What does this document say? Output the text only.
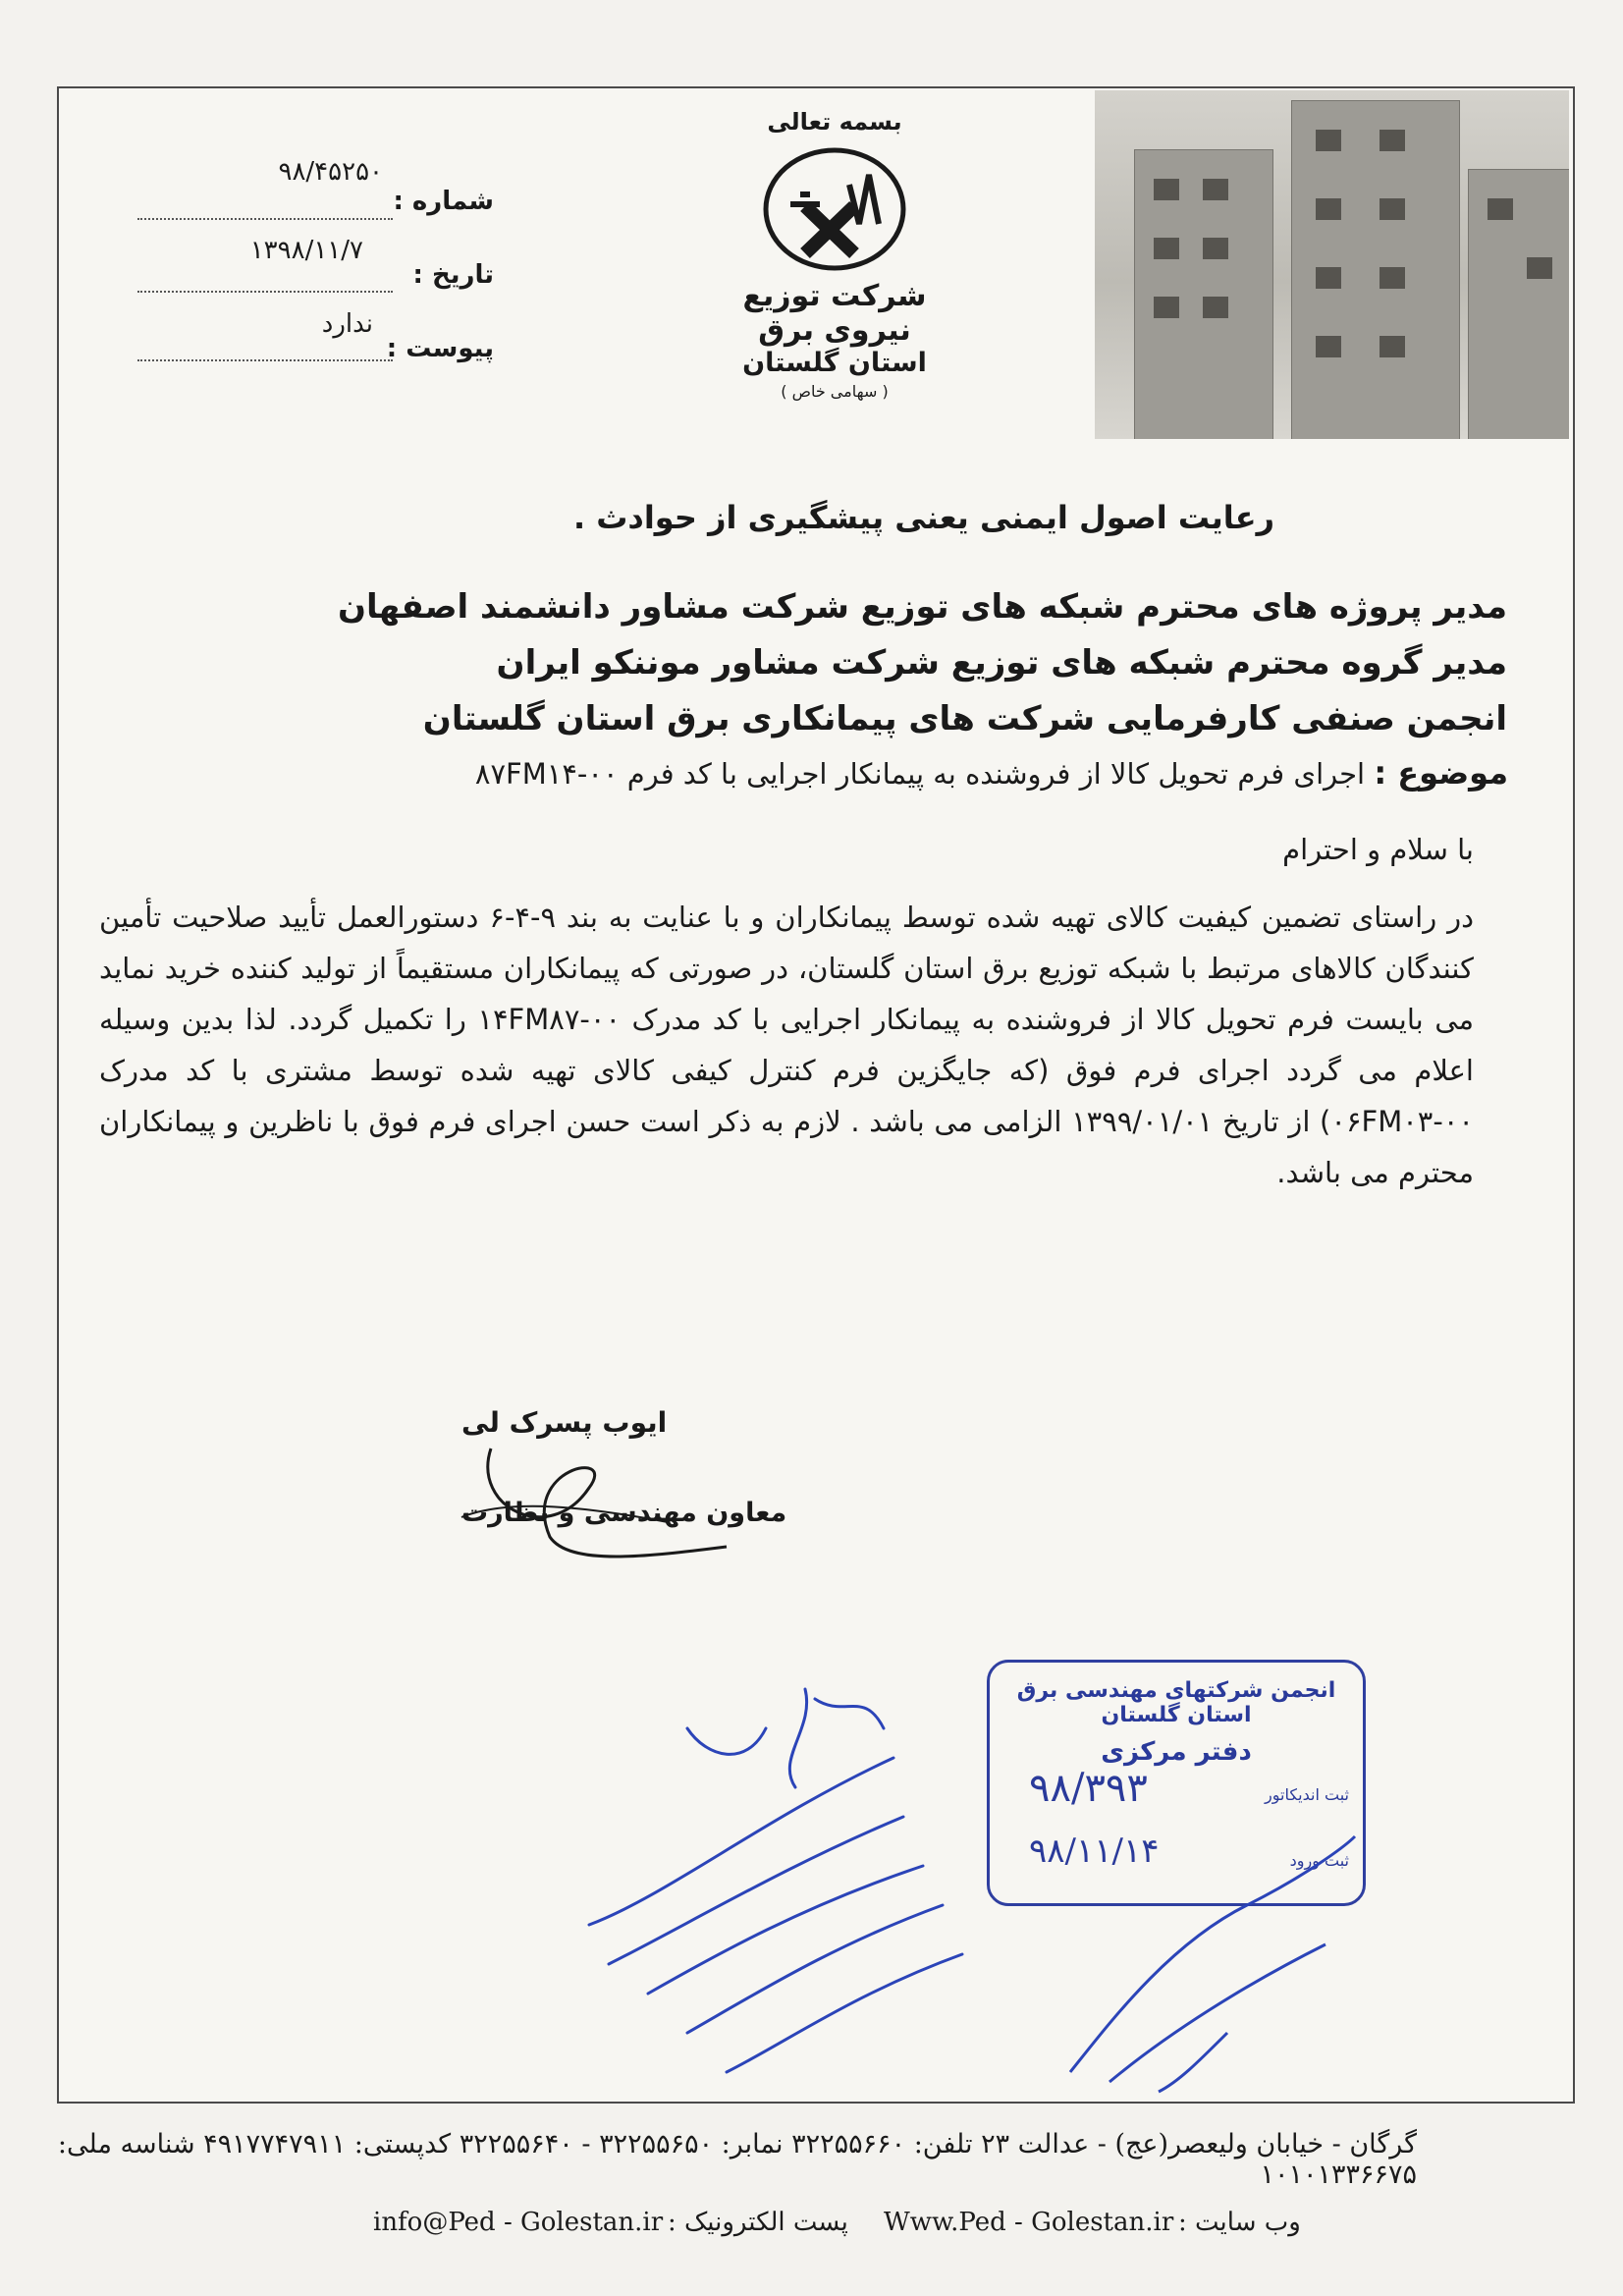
۹۸/۴۵۲۵۰
شماره :
۱۳۹۸/۱۱/۷
تاریخ :
ندارد
پیوست :
بسمه تعالی
شرکت توزیع نیروی برق
استان گلستان
( سهامی خاص )
رعایت اصول ایمنی یعنی پیشگیری از حوادث .
مدیر پروژه های محترم شبکه های توزیع شرکت مشاور دانشمند اصفهان
مدیر گروه محترم شبکه های توزیع شرکت مشاور موننکو ایران
انجمن صنفی کارفرمایی شرکت های پیمانکاری برق استان گلستان
موضوع : اجرای فرم تحویل کالا از فروشنده به پیمانکار اجرایی با کد فرم ۰۰-۸۷FM۱۴
با سلام و احترام
در راستای تضمین کیفیت کالای تهیه شده توسط پیمانکاران و با عنایت به بند ۹-۴-۶ دستورالعمل تأیید صلاحیت تأمین کنندگان کالاهای مرتبط با شبکه توزیع برق استان گلستان، در صورتی که پیمانکاران مستقیماً از تولید کننده خرید نماید می بایست فرم تحویل کالا از فروشنده به پیمانکار اجرایی با کد مدرک ۰۰-۱۴FM۸۷ را تکمیل گردد. لذا بدین وسیله اعلام می گردد اجرای فرم فوق (که جایگزین فرم کنترل کیفی کالای تهیه شده توسط مشتری با کد مدرک ۰۰-۰۶FM۰۳) از تاریخ ۱۳۹۹/۰۱/۰۱ الزامی می باشد . لازم به ذکر است حسن اجرای فرم فوق با ناظرین و پیمانکاران محترم می باشد.
ایوب پسرک لی
معاون مهندسی و نظارت
انجمن شرکتهای مهندسی برق استان گلستان
دفتر مرکزی
ثبت اندیکاتور
۹۸/۳۹۳
ثبت ورود
۹۸/۱۱/۱۴
گرگان - خیابان ولیعصر(عج) - عدالت ۲۳ تلفن: ۳۲۲۵۵۶۶۰ نمابر: ۳۲۲۵۵۶۵۰ - ۳۲۲۵۵۶۴۰ کدپستی: ۴۹۱۷۷۴۷۹۱۱ شناسه ملی: ۱۰۱۰۱۳۳۶۶۷۵
وب سایت :
Www.Ped - Golestan.ir
پست الکترونیک :
info@Ped - Golestan.ir
